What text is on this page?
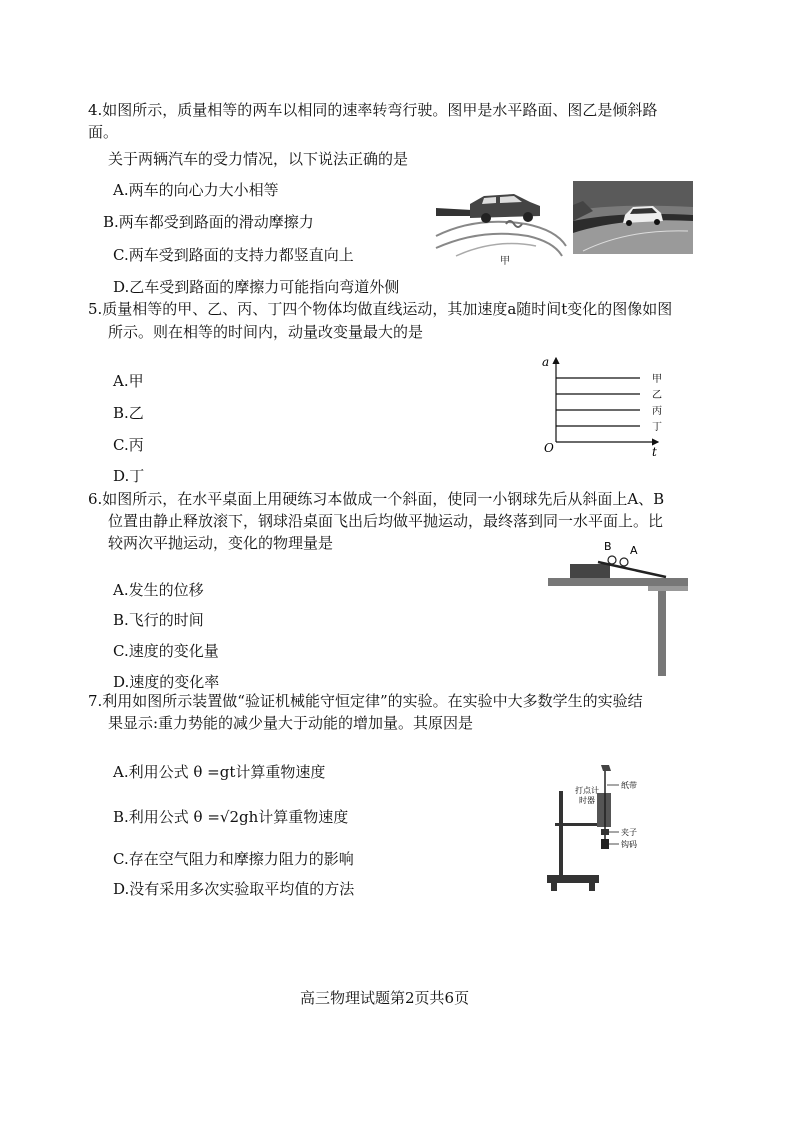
4.如图所示，质量相等的两车以相同的速率转弯行驶。图甲是水平路面、图乙是倾斜路
面。
关于两辆汽车的受力情况，以下说法正确的是
A.两车的向心力大小相等
B.两车都受到路面的滑动摩擦力
C.两车受到路面的支持力都竖直向上
D.乙车受到路面的摩擦力可能指向弯道外侧
甲
5.质量相等的甲、乙、丙、丁四个物体均做直线运动，其加速度a随时间t变化的图像如图
所示。则在相等的时间内，动量改变量最大的是
A.甲
B.乙
C.丙
D.丁
a
t
O
甲
乙
丙
丁
6.如图所示，在水平桌面上用硬练习本做成一个斜面，使同一小钢球先后从斜面上A、B
位置由静止释放滚下，钢球沿桌面飞出后均做平抛运动，最终落到同一水平面上。比
较两次平抛运动，变化的物理量是
A.发生的位移
B.飞行的时间
C.速度的变化量
D.速度的变化率
B A
7.利用如图所示装置做“验证机械能守恒定律”的实验。在实验中大多数学生的实验结
果显示:重力势能的减少量大于动能的增加量。其原因是
A.利用公式 θ =gt计算重物速度
B.利用公式 θ =√2gh计算重物速度
C.存在空气阻力和摩擦力阻力的影响
D.没有采用多次实验取平均值的方法
打点计
时器
纸带
夹子
钩码
高三物理试题第2页共6页
